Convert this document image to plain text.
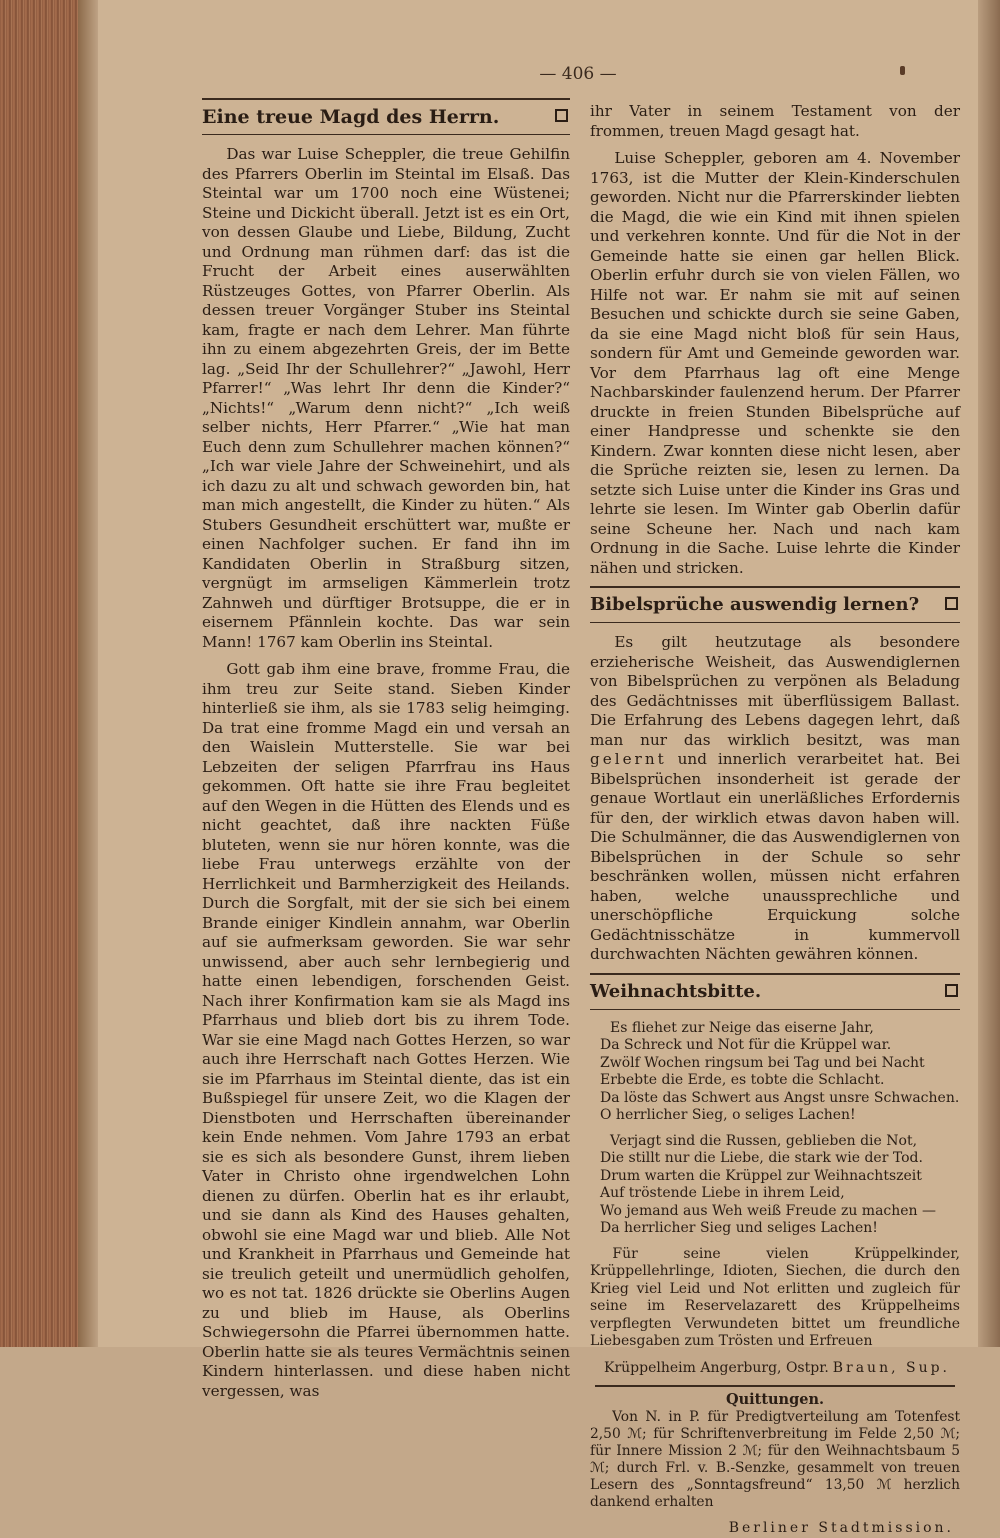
— 406 —
Eine treue Magd des Herrn.

Das war Luise Scheppler, die treue Gehilfin des Pfarrers Oberlin im Steintal im Elsaß. Das Steintal war um 1700 noch eine Wüstenei; Steine und Dickicht überall. Jetzt ist es ein Ort, von dessen Glaube und Liebe, Bildung, Zucht und Ordnung man rühmen darf: das ist die Frucht der Arbeit eines auserwählten Rüstzeuges Gottes, von Pfarrer Oberlin. Als dessen treuer Vorgänger Stuber ins Steintal kam, fragte er nach dem Lehrer. Man führte ihn zu einem abgezehrten Greis, der im Bette lag. „Seid Ihr der Schullehrer?“ „Jawohl, Herr Pfarrer!“ „Was lehrt Ihr denn die Kinder?“ „Nichts!“ „Warum denn nicht?“ „Ich weiß selber nichts, Herr Pfarrer.“ „Wie hat man Euch denn zum Schullehrer machen können?“ „Ich war viele Jahre der Schweinehirt, und als ich dazu zu alt und schwach geworden bin, hat man mich angestellt, die Kinder zu hüten.“ Als Stubers Gesundheit erschüttert war, mußte er einen Nachfolger suchen. Er fand ihn im Kandidaten Oberlin in Straßburg sitzen, vergnügt im armseligen Kämmerlein trotz Zahnweh und dürftiger Brotsuppe, die er in eisernem Pfännlein kochte. Das war sein Mann! 1767 kam Oberlin ins Steintal.

Gott gab ihm eine brave, fromme Frau, die ihm treu zur Seite stand. Sieben Kinder hinterließ sie ihm, als sie 1783 selig heimging. Da trat eine fromme Magd ein und versah an den Waislein Mutterstelle. Sie war bei Lebzeiten der seligen Pfarrfrau ins Haus gekommen. Oft hatte sie ihre Frau begleitet auf den Wegen in die Hütten des Elends und es nicht geachtet, daß ihre nackten Füße bluteten, wenn sie nur hören konnte, was die liebe Frau unterwegs erzählte von der Herrlichkeit und Barmherzigkeit des Heilands. Durch die Sorgfalt, mit der sie sich bei einem Brande einiger Kindlein annahm, war Oberlin auf sie aufmerksam geworden. Sie war sehr unwissend, aber auch sehr lernbegierig und hatte einen lebendigen, forschenden Geist. Nach ihrer Konfirmation kam sie als Magd ins Pfarrhaus und blieb dort bis zu ihrem Tode. War sie eine Magd nach Gottes Herzen, so war auch ihre Herrschaft nach Gottes Herzen. Wie sie im Pfarrhaus im Steintal diente, das ist ein Bußspiegel für unsere Zeit, wo die Klagen der Dienstboten und Herrschaften übereinander kein Ende nehmen. Vom Jahre 1793 an erbat sie es sich als besondere Gunst, ihrem lieben Vater in Christo ohne irgendwelchen Lohn dienen zu dürfen. Oberlin hat es ihr erlaubt, und sie dann als Kind des Hauses gehalten, obwohl sie eine Magd war und blieb. Alle Not und Krankheit in Pfarrhaus und Gemeinde hat sie treulich geteilt und unermüdlich geholfen, wo es not tat. 1826 drückte sie Oberlins Augen zu und blieb im Hause, als Oberlins Schwiegersohn die Pfarrei übernommen hatte. Oberlin hatte sie als teures Vermächtnis seinen Kindern hinterlassen. und diese haben nicht vergessen, was

ihr Vater in seinem Testament von der frommen, treuen Magd gesagt hat.

Luise Scheppler, geboren am 4. November 1763, ist die Mutter der Klein-Kinderschulen geworden. Nicht nur die Pfarrerskinder liebten die Magd, die wie ein Kind mit ihnen spielen und verkehren konnte. Und für die Not in der Gemeinde hatte sie einen gar hellen Blick. Oberlin erfuhr durch sie von vielen Fällen, wo Hilfe not war. Er nahm sie mit auf seinen Besuchen und schickte durch sie seine Gaben, da sie eine Magd nicht bloß für sein Haus, sondern für Amt und Gemeinde geworden war. Vor dem Pfarrhaus lag oft eine Menge Nachbarskinder faulenzend herum. Der Pfarrer druckte in freien Stunden Bibelsprüche auf einer Handpresse und schenkte sie den Kindern. Zwar konnten diese nicht lesen, aber die Sprüche reizten sie, lesen zu lernen. Da setzte sich Luise unter die Kinder ins Gras und lehrte sie lesen. Im Winter gab Oberlin dafür seine Scheune her. Nach und nach kam Ordnung in die Sache. Luise lehrte die Kinder nähen und stricken.

Bibelsprüche auswendig lernen?

Es gilt heutzutage als besondere erzieherische Weisheit, das Auswendiglernen von Bibelsprüchen zu verpönen als Beladung des Gedächtnisses mit überflüssigem Ballast. Die Erfahrung des Lebens dagegen lehrt, daß man nur das wirklich besitzt, was man gelernt und innerlich verarbeitet hat. Bei Bibelsprüchen insonderheit ist gerade der genaue Wortlaut ein unerläßliches Erfordernis für den, der wirklich etwas davon haben will. Die Schulmänner, die das Auswendiglernen von Bibelsprüchen in der Schule so sehr beschränken wollen, müssen nicht erfahren haben, welche unaussprechliche und unerschöpfliche Erquickung solche Gedächtnisschätze in kummervoll durchwachten Nächten gewähren können.

Weihnachtsbitte.
Es fliehet zur Neige das eiserne Jahr,
Da Schreck und Not für die Krüppel war.
Zwölf Wochen ringsum bei Tag und bei Nacht
Erbebte die Erde, es tobte die Schlacht.
Da löste das Schwert aus Angst unsre Schwachen.
O herrlicher Sieg, o seliges Lachen!
Verjagt sind die Russen, geblieben die Not,
Die stillt nur die Liebe, die stark wie der Tod.
Drum warten die Krüppel zur Weihnachtszeit
Auf tröstende Liebe in ihrem Leid,
Wo jemand aus Weh weiß Freude zu machen —
Da herrlicher Sieg und seliges Lachen!

Für seine vielen Krüppelkinder, Krüppellehrlinge, Idioten, Siechen, die durch den Krieg viel Leid und Not erlitten und zugleich für seine im Reservelazarett des Krüppelheims verpflegten Verwundeten bittet um freundliche Liebesgaben zum Trösten und Erfreuen

Krüppelheim Angerburg, Ostpr. Braun, Sup.
Quittungen.

Von N. in P. für Predigtverteilung am Totenfest 2,50 ℳ; für Schriftenverbreitung im Felde 2,50 ℳ; für Innere Mission 2 ℳ; für den Weihnachtsbaum 5 ℳ; durch Frl. v. B.-Senzke, gesammelt von treuen Lesern des „Sonntagsfreund“ 13,50 ℳ herzlich dankend erhalten

Berliner Stadtmission.
